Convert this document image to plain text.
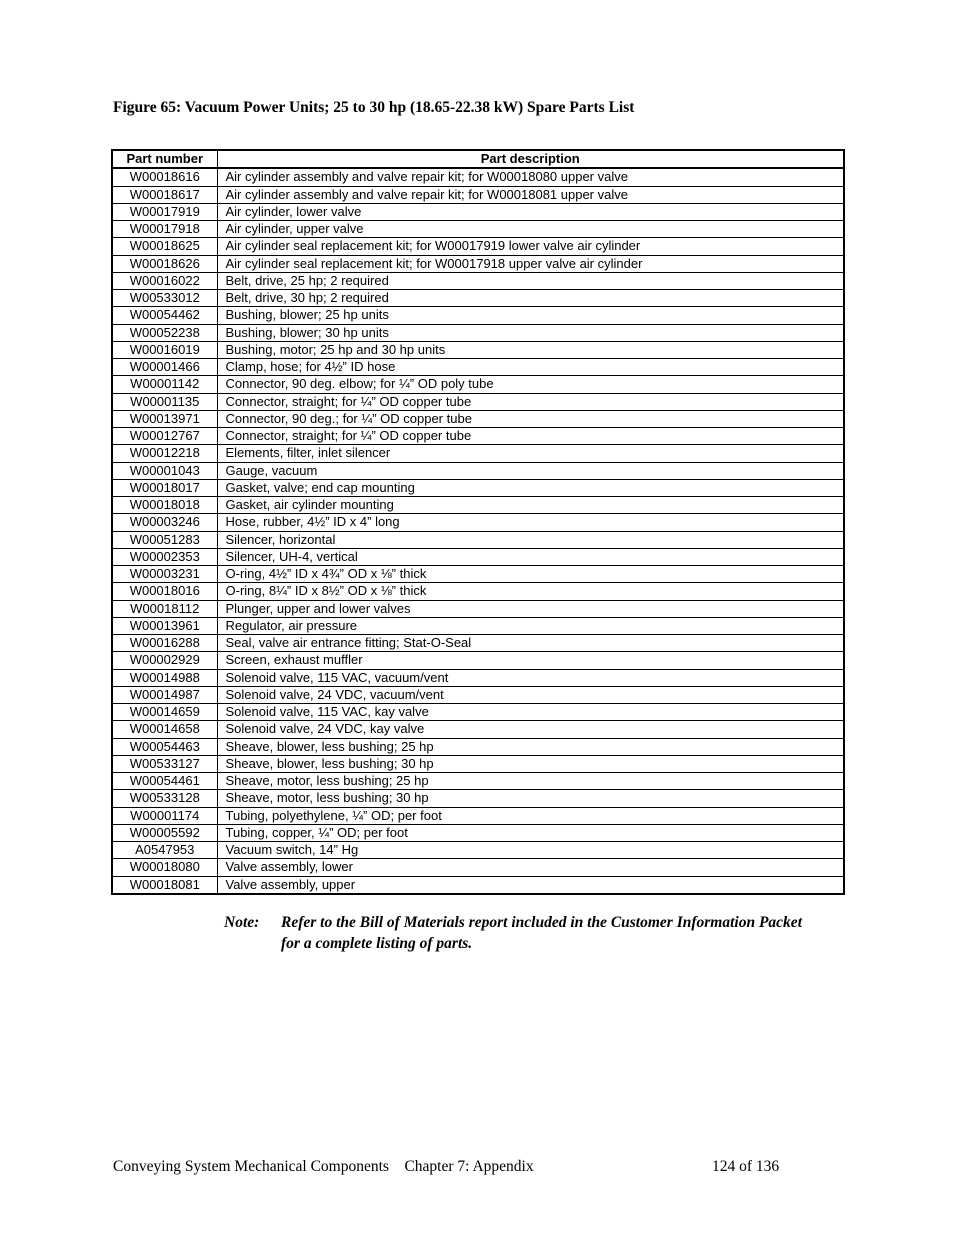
Figure 65: Vacuum Power Units; 25 to 30 hp (18.65-22.38 kW) Spare Parts List
Part number	Part description
W00018616	Air cylinder assembly and valve repair kit; for W00018080 upper valve
W00018617	Air cylinder assembly and valve repair kit; for W00018081 upper valve
W00017919	Air cylinder, lower valve
W00017918	Air cylinder, upper valve
W00018625	Air cylinder seal replacement kit; for W00017919 lower valve air cylinder
W00018626	Air cylinder seal replacement kit; for W00017918 upper valve air cylinder
W00016022	Belt, drive, 25 hp; 2 required
W00533012	Belt, drive, 30 hp; 2 required
W00054462	Bushing, blower; 25 hp units
W00052238	Bushing, blower; 30 hp units
W00016019	Bushing, motor; 25 hp and 30 hp units
W00001466	Clamp, hose; for 4½” ID hose
W00001142	Connector, 90 deg. elbow; for ¼” OD poly tube
W00001135	Connector, straight; for ¼” OD copper tube
W00013971	Connector, 90 deg.; for ¼” OD copper tube
W00012767	Connector, straight; for ¼” OD copper tube
W00012218	Elements, filter, inlet silencer
W00001043	Gauge, vacuum
W00018017	Gasket, valve; end cap mounting
W00018018	Gasket, air cylinder mounting
W00003246	Hose, rubber, 4½” ID x 4” long
W00051283	Silencer, horizontal
W00002353	Silencer, UH-4, vertical
W00003231	O-ring, 4½” ID x 4¾” OD x ⅛” thick
W00018016	O-ring, 8¼” ID x 8½” OD x ⅛” thick
W00018112	Plunger, upper and lower valves
W00013961	Regulator, air pressure
W00016288	Seal, valve air entrance fitting; Stat-O-Seal
W00002929	Screen, exhaust muffler
W00014988	Solenoid valve, 115 VAC, vacuum/vent
W00014987	Solenoid valve, 24 VDC, vacuum/vent
W00014659	Solenoid valve, 115 VAC, kay valve
W00014658	Solenoid valve, 24 VDC, kay valve
W00054463	Sheave, blower, less bushing; 25 hp
W00533127	Sheave, blower, less bushing; 30 hp
W00054461	Sheave, motor, less bushing; 25 hp
W00533128	Sheave, motor, less bushing; 30 hp
W00001174	Tubing, polyethylene, ¼” OD; per foot
W00005592	Tubing, copper, ¼” OD; per foot
A0547953	Vacuum switch, 14” Hg
W00018080	Valve assembly, lower
W00018081	Valve assembly, upper
Note: Refer to the Bill of Materials report included in the Customer Information Packet for a complete listing of parts.
Conveying System Mechanical Components    Chapter 7: Appendix	124 of 136
